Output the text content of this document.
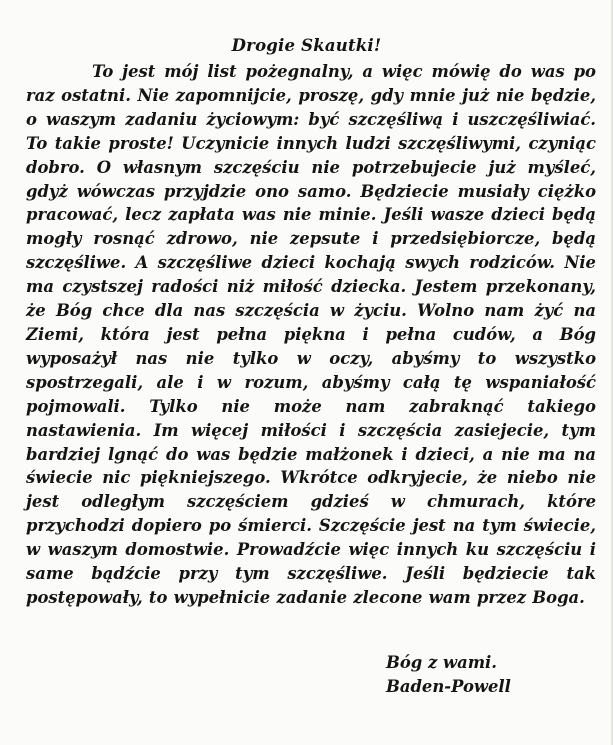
Drogie Skautki!

To jest mój list pożegnalny, a więc mówię do was po raz ostatni. Nie zapomnijcie, proszę, gdy mnie już nie będzie, o waszym zadaniu życiowym: być szczęśliwą i uszczęśliwiać. To takie proste! Uczynicie innych ludzi szczęśliwymi, czyniąc dobro. O własnym szczęściu nie potrzebujecie już myśleć, gdyż wówczas przyjdzie ono samo. Będziecie musiały ciężko pracować, lecz zapłata was nie minie. Jeśli wasze dzieci będą mogły rosnąć zdrowo, nie zepsute i przedsiębiorcze, będą szczęśliwe. A szczęśliwe dzieci kochają swych rodziców. Nie ma czystszej radości niż miłość dziecka. Jestem przekonany, że Bóg chce dla nas szczęścia w życiu. Wolno nam żyć na Ziemi, która jest pełna piękna i pełna cudów, a Bóg wyposażył nas nie tylko w oczy, abyśmy to wszystko spostrzegali, ale i w rozum, abyśmy całą tę wspaniałość pojmowali. Tylko nie może nam zabraknąć takiego nastawienia. Im więcej miłości i szczęścia zasiejecie, tym bardziej lgnąć do was będzie małżonek i dzieci, a nie ma na świecie nic piękniejszego. Wkrótce odkryjecie, że niebo nie jest odległym szczęściem gdzieś w chmurach, które przychodzi dopiero po śmierci. Szczęście jest na tym świecie, w waszym domostwie. Prowadźcie więc innych ku szczęściu i same bądźcie przy tym szczęśliwe. Jeśli będziecie tak postępowały, to wypełnicie zadanie zlecone wam przez Boga.

Bóg z wami.
Baden-Powell
